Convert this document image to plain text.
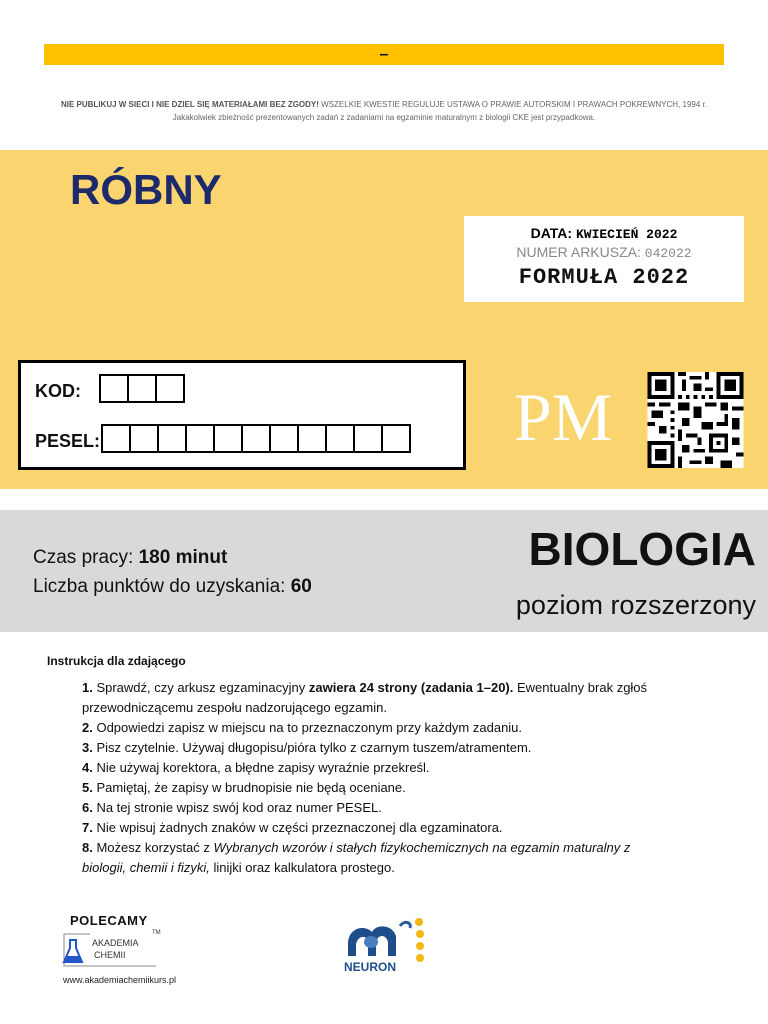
–
NIE PUBLIKUJ W SIECI I NIE DZIEL SIĘ MATERIAŁAMI BEZ ZGODY! WSZELKIE KWESTIE REGULUJE USTAWA O PRAWIE AUTORSKIM I PRAWACH POKREWNYCH, 1994 r.
Jakakolwiek zbieżność prezentowanych zadań z zadaniami na egzaminie maturalnym z biologii CKE jest przypadkowa.
RÓBNY
DATA: KWIECIEŃ 2022
NUMER ARKUSZA: 042022
FORMUŁA 2022
KOD:
PESEL:	PM
Czas pracy: 180 minut
Liczba punktów do uzyskania: 60
BIOLOGIA
poziom rozszerzony
Instrukcja dla zdającego

1. Sprawdź, czy arkusz egzaminacyjny zawiera 24 strony (zadania 1–20). Ewentualny brak zgłoś przewodniczącemu zespołu nadzorującego egzamin.

2. Odpowiedzi zapisz w miejscu na to przeznaczonym przy każdym zadaniu.

3. Pisz czytelnie. Używaj długopisu/pióra tylko z czarnym tuszem/atramentem.

4. Nie używaj korektora, a błędne zapisy wyraźnie przekreśl.

5. Pamiętaj, że zapisy w brudnopisie nie będą oceniane.

6. Na tej stronie wpisz swój kod oraz numer PESEL.

7. Nie wpisuj żadnych znaków w części przeznaczonej dla egzaminatora.

8. Możesz korzystać z Wybranych wzorów i stałych fizykochemicznych na egzamin maturalny z biologii, chemii i fizyki, linijki oraz kalkulatora prostego.

POLECAMY
AKADEMIA
CHEMII
TM
www.akademiachemiikurs.pl
NEURON
